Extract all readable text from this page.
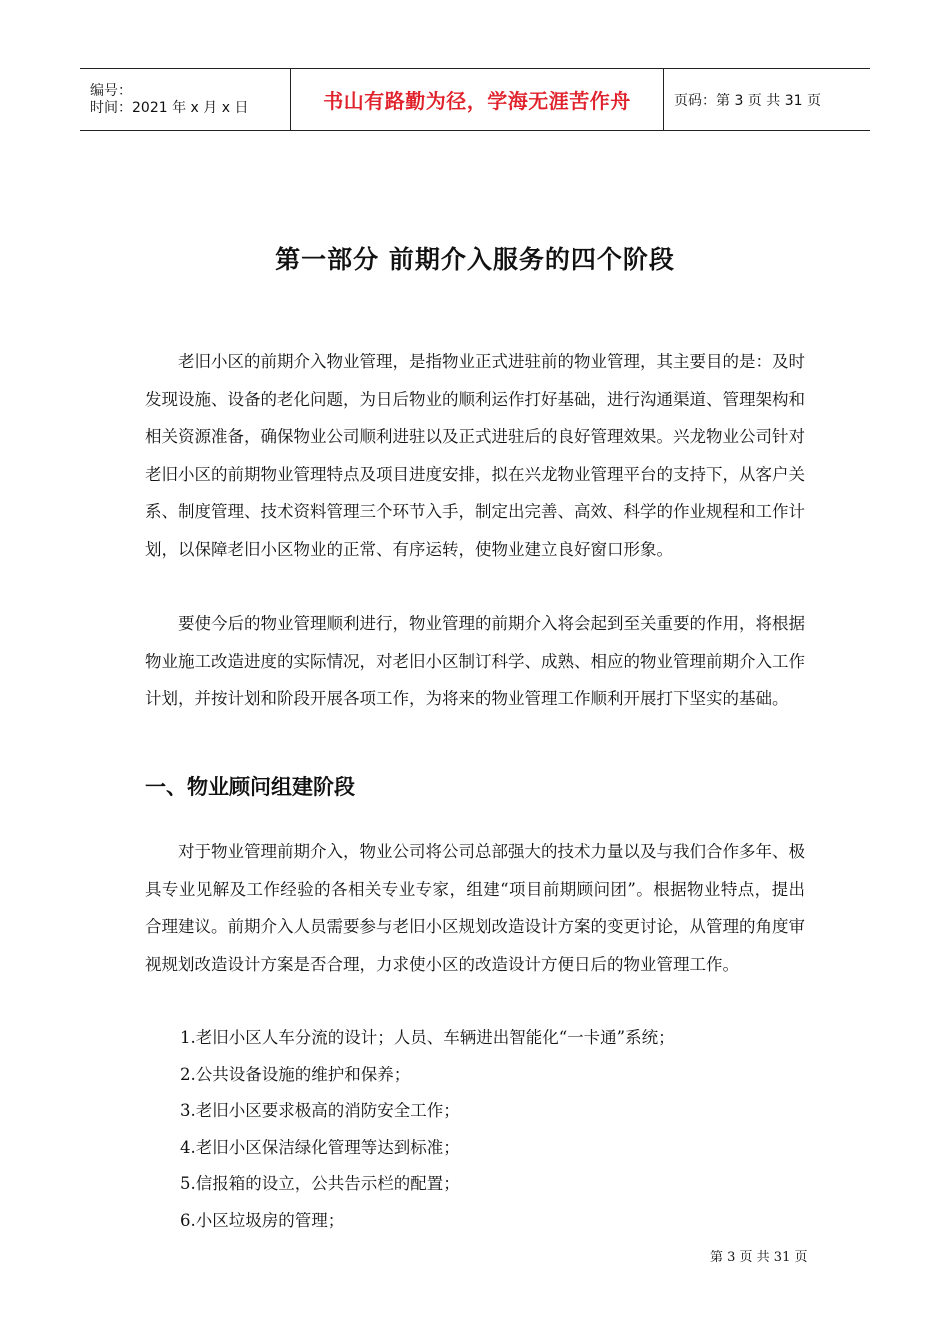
编号：
时间：2021 年 x 月 x 日	书山有路勤为径，学海无涯苦作舟	页码：第 3 页 共 31 页
第一部分 前期介入服务的四个阶段

老旧小区的前期介入物业管理，是指物业正式进驻前的物业管理，其主要目的是：及时发现设施、设备的老化问题，为日后物业的顺利运作打好基础，进行沟通渠道、管理架构和相关资源准备，确保物业公司顺利进驻以及正式进驻后的良好管理效果。兴龙物业公司针对老旧小区的前期物业管理特点及项目进度安排，拟在兴龙物业管理平台的支持下，从客户关系、制度管理、技术资料管理三个环节入手，制定出完善、高效、科学的作业规程和工作计划，以保障老旧小区物业的正常、有序运转，使物业建立良好窗口形象。

要使今后的物业管理顺利进行，物业管理的前期介入将会起到至关重要的作用，将根据物业施工改造进度的实际情况，对老旧小区制订科学、成熟、相应的物业管理前期介入工作计划，并按计划和阶段开展各项工作，为将来的物业管理工作顺利开展打下坚实的基础。

一、物业顾问组建阶段

对于物业管理前期介入，物业公司将公司总部强大的技术力量以及与我们合作多年、极具专业见解及工作经验的各相关专业专家，组建“项目前期顾问团”。根据物业特点，提出合理建议。前期介入人员需要参与老旧小区规划改造设计方案的变更讨论，从管理的角度审视规划改造设计方案是否合理，力求使小区的改造设计方便日后的物业管理工作。

1.老旧小区人车分流的设计；人员、车辆进出智能化“一卡通”系统；
2.公共设备设施的维护和保养；
3.老旧小区要求极高的消防安全工作；
4.老旧小区保洁绿化管理等达到标准；
5.信报箱的设立，公共告示栏的配置；
6.小区垃圾房的管理；
第 3 页 共 31 页
